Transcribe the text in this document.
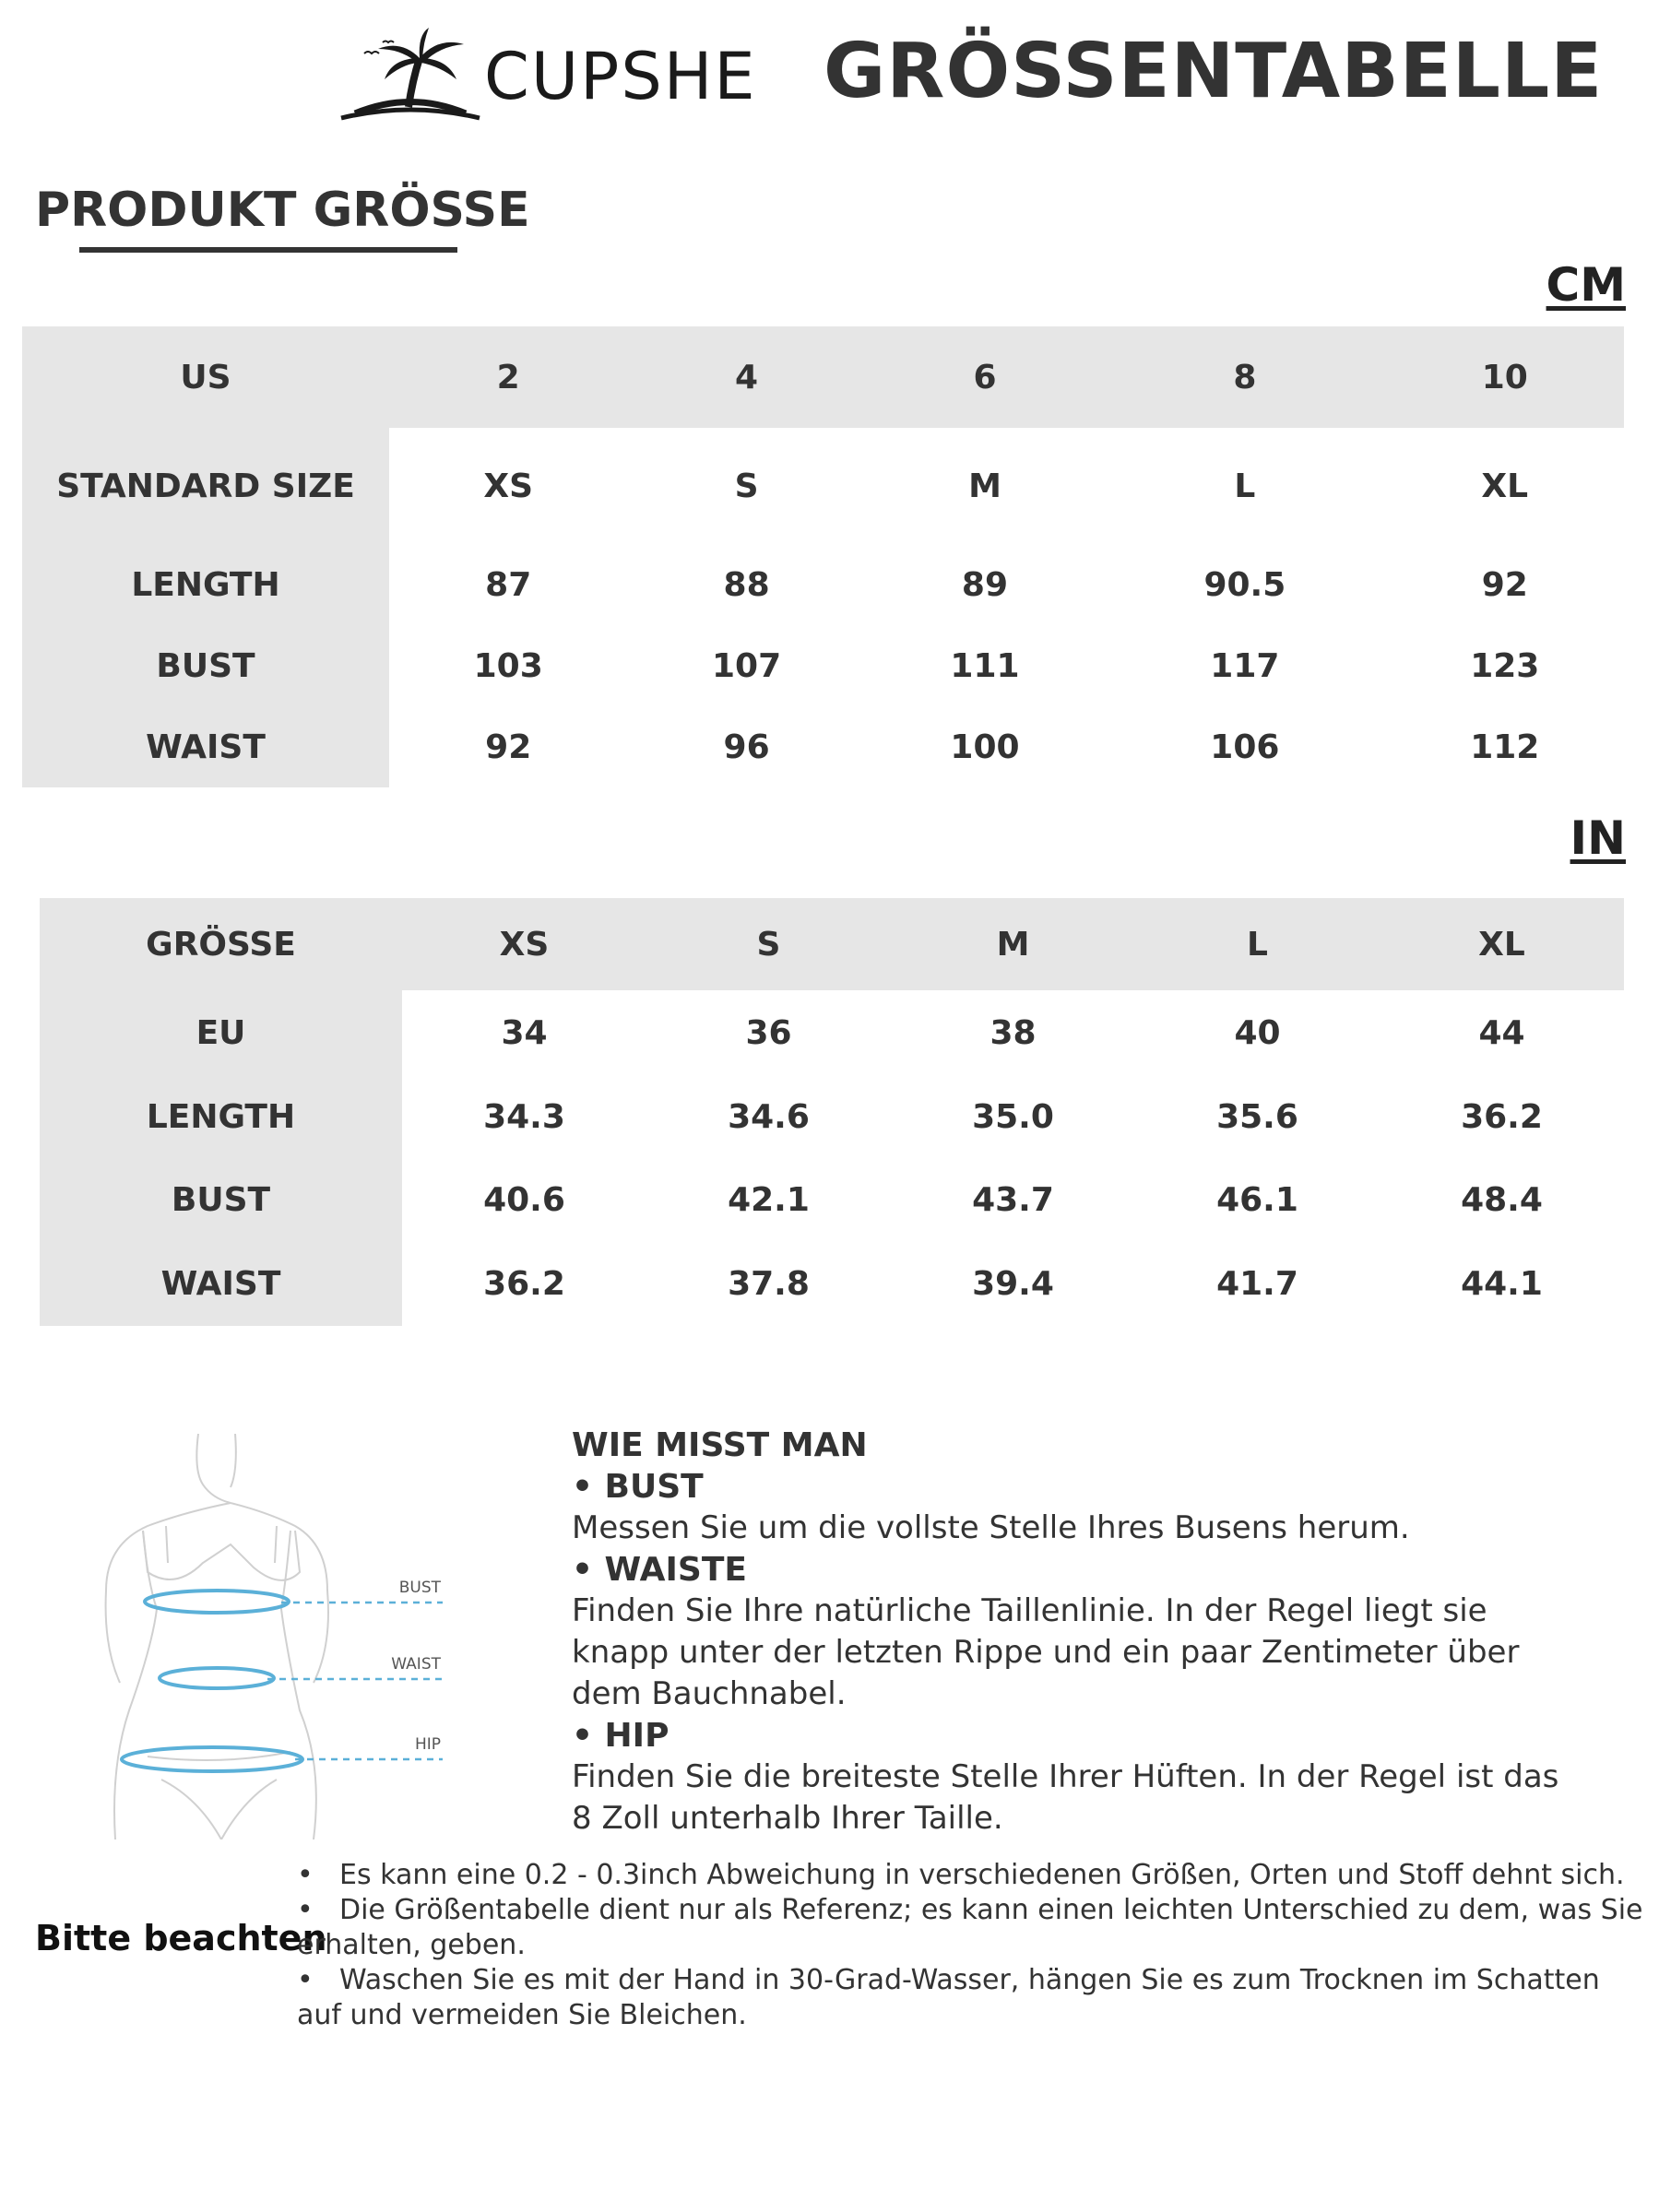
CUPSHE GRÖSSENTABELLE
PRODUKT GRÖSSE
CM
US	2	4	6	8	10
STANDARD SIZE	XS	S	M	L	XL
LENGTH	87	88	89	90.5	92
BUST	103	107	111	117	123
WAIST	92	96	100	106	112
IN
GRÖSSE	XS	S	M	L	XL
EU	34	36	38	40	44
LENGTH	34.3	34.6	35.0	35.6	36.2
BUST	40.6	42.1	43.7	46.1	48.4
WAIST	36.2	37.8	39.4	41.7	44.1
BUST
WAIST
HIP
WIE MISST MAN
• BUST
Messen Sie um die vollste Stelle Ihres Busens herum.
• WAISTE
Finden Sie Ihre natürliche Taillenlinie. In der Regel liegt sie
knapp unter der letzten Rippe und ein paar Zentimeter über
dem Bauchnabel.
• HIP
Finden Sie die breiteste Stelle Ihrer Hüften. In der Regel ist das
8 Zoll unterhalb Ihrer Taille.
Bitte beachten
• Es kann eine 0.2 - 0.3inch Abweichung in verschiedenen Größen, Orten und Stoff dehnt sich.
• Die Größentabelle dient nur als Referenz; es kann einen leichten Unterschied zu dem, was Sie erhalten, geben.
• Waschen Sie es mit der Hand in 30-Grad-Wasser, hängen Sie es zum Trocknen im Schatten auf und vermeiden Sie Bleichen.
